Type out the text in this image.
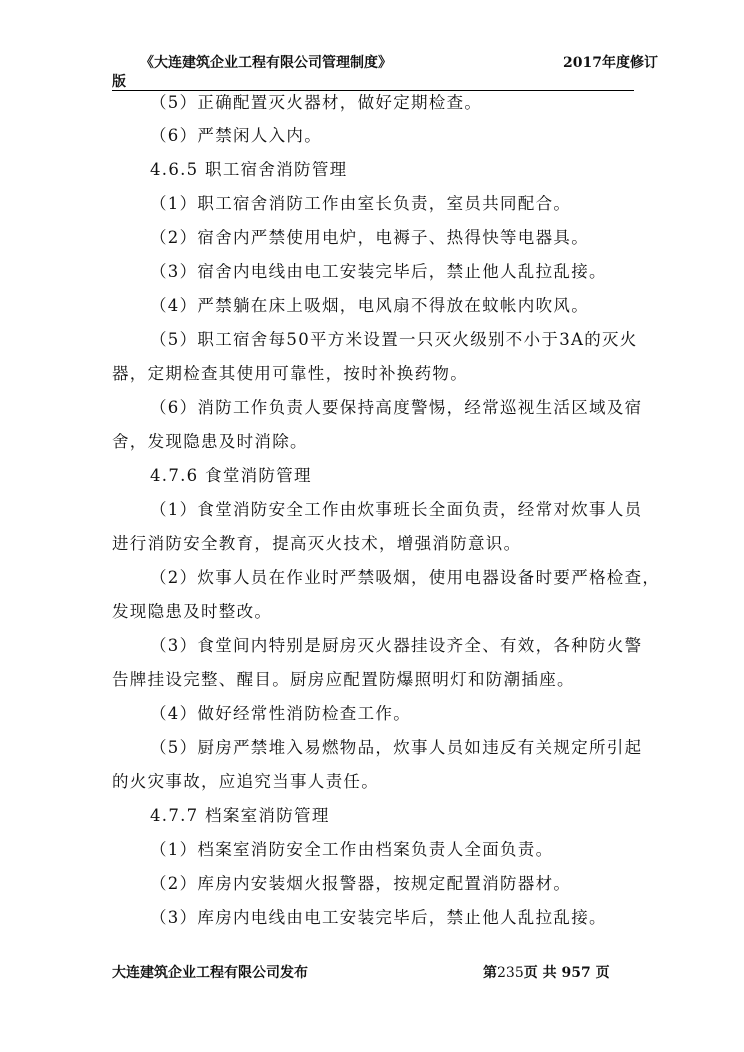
《大连建筑企业工程有限公司管理制度》	2017年度修订
版
（5）正确配置灭火器材，做好定期检查。
（6）严禁闲人入内。
4.6.5 职工宿舍消防管理
（1）职工宿舍消防工作由室长负责，室员共同配合。
（2）宿舍内严禁使用电炉，电褥子、热得快等电器具。
（3）宿舍内电线由电工安装完毕后，禁止他人乱拉乱接。
（4）严禁躺在床上吸烟，电风扇不得放在蚊帐内吹风。
（5）职工宿舍每50平方米设置一只灭火级别不小于3A的灭火
器，定期检查其使用可靠性，按时补换药物。
（6）消防工作负责人要保持高度警惕，经常巡视生活区域及宿
舍，发现隐患及时消除。
4.7.6 食堂消防管理
（1）食堂消防安全工作由炊事班长全面负责，经常对炊事人员
进行消防安全教育，提高灭火技术，增强消防意识。
（2）炊事人员在作业时严禁吸烟，使用电器设备时要严格检查，
发现隐患及时整改。
（3）食堂间内特别是厨房灭火器挂设齐全、有效，各种防火警
告牌挂设完整、醒目。厨房应配置防爆照明灯和防潮插座。
（4）做好经常性消防检查工作。
（5）厨房严禁堆入易燃物品，炊事人员如违反有关规定所引起
的火灾事故，应追究当事人责任。
4.7.7 档案室消防管理
（1）档案室消防安全工作由档案负责人全面负责。
（2）库房内安装烟火报警器，按规定配置消防器材。
（3）库房内电线由电工安装完毕后，禁止他人乱拉乱接。
大连建筑企业工程有限公司发布	第235页 共 957 页
